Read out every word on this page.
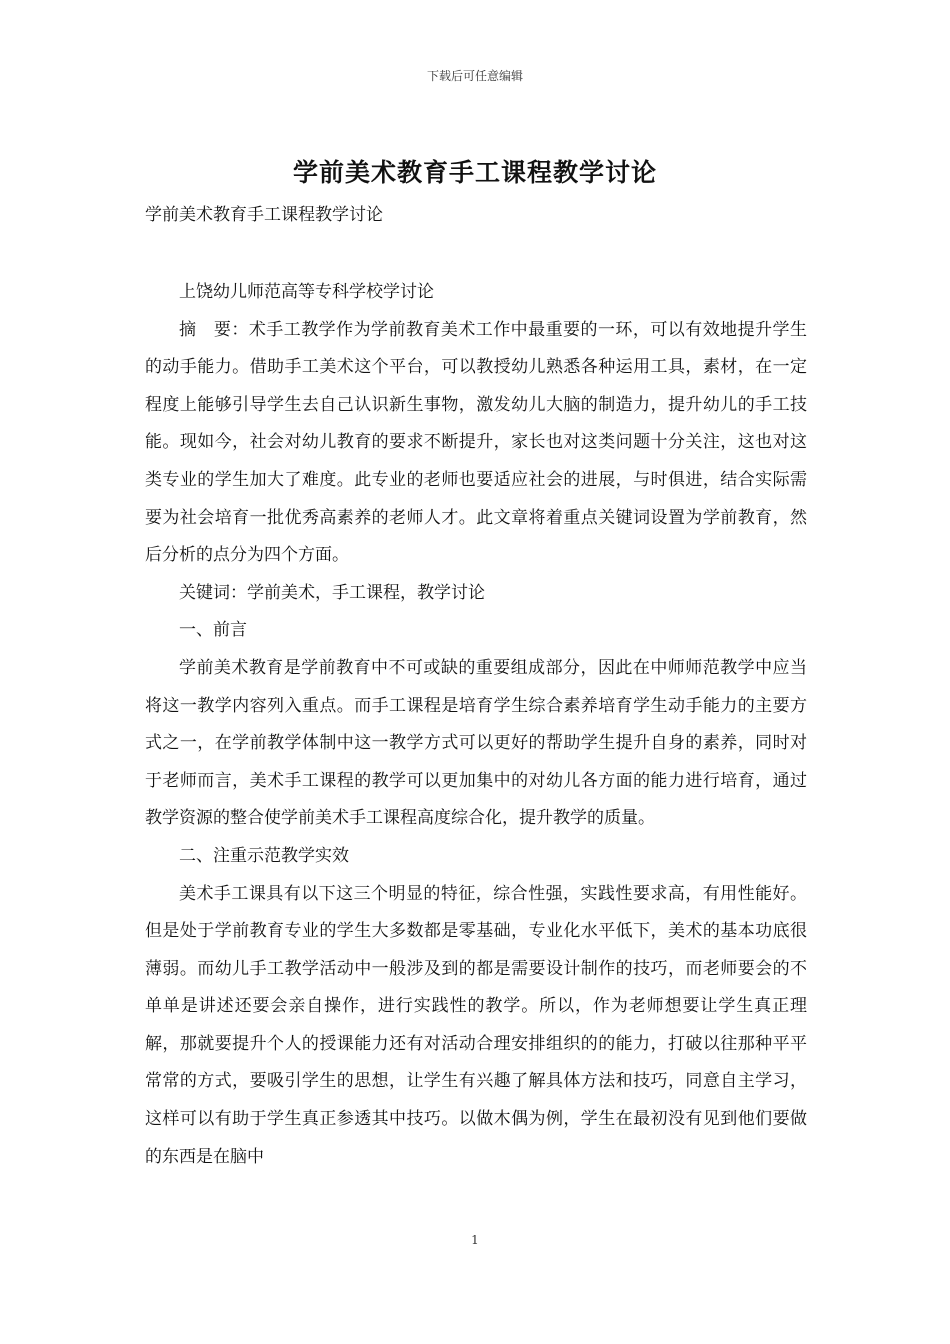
下载后可任意编辑
学前美术教育手工课程教学讨论
学前美术教育手工课程教学讨论

上饶幼儿师范高等专科学校学讨论

摘　要：术手工教学作为学前教育美术工作中最重要的一环，可以有效地提升学生的动手能力。借助手工美术这个平台，可以教授幼儿熟悉各种运用工具，素材，在一定程度上能够引导学生去自己认识新生事物，激发幼儿大脑的制造力，提升幼儿的手工技能。现如今，社会对幼儿教育的要求不断提升，家长也对这类问题十分关注，这也对这类专业的学生加大了难度。此专业的老师也要适应社会的进展，与时俱进，结合实际需要为社会培育一批优秀高素养的老师人才。此文章将着重点关键词设置为学前教育，然后分析的点分为四个方面。

关键词：学前美术，手工课程，教学讨论

一、前言

学前美术教育是学前教育中不可或缺的重要组成部分，因此在中师师范教学中应当将这一教学内容列入重点。而手工课程是培育学生综合素养培育学生动手能力的主要方式之一，在学前教学体制中这一教学方式可以更好的帮助学生提升自身的素养，同时对于老师而言，美术手工课程的教学可以更加集中的对幼儿各方面的能力进行培育，通过教学资源的整合使学前美术手工课程高度综合化，提升教学的质量。

二、注重示范教学实效

美术手工课具有以下这三个明显的特征，综合性强，实践性要求高，有用性能好。但是处于学前教育专业的学生大多数都是零基础，专业化水平低下，美术的基本功底很薄弱。而幼儿手工教学活动中一般涉及到的都是需要设计制作的技巧，而老师要会的不单单是讲述还要会亲自操作，进行实践性的教学。所以，作为老师想要让学生真正理解，那就要提升个人的授课能力还有对活动合理安排组织的的能力，打破以往那种平平常常的方式，要吸引学生的思想，让学生有兴趣了解具体方法和技巧，同意自主学习，这样可以有助于学生真正参透其中技巧。以做木偶为例，学生在最初没有见到他们要做的东西是在脑中

1
